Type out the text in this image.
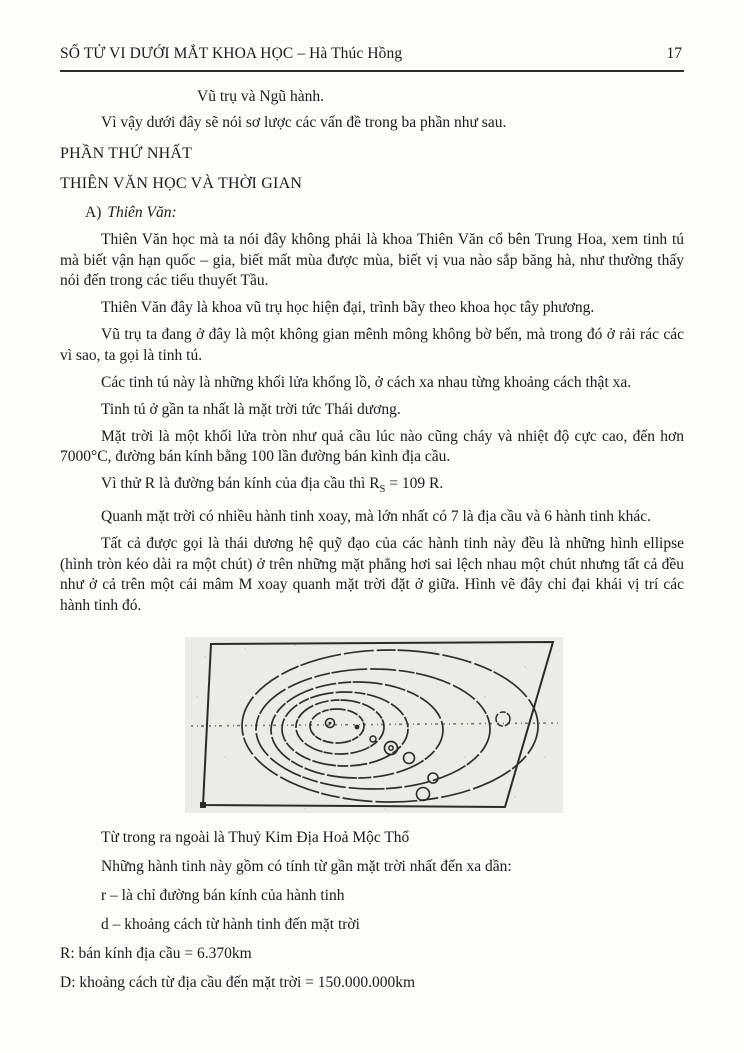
SỐ TỬ VI DƯỚI MẮT KHOA HỌC – Hà Thúc Hồng	17

Vũ trụ và Ngũ hành.

Vì vậy dưới đây sẽ nói sơ lược các vấn đề trong ba phần như sau.

PHẦN THỨ NHẤT
THIÊN VĂN HỌC VÀ THỜI GIAN

A) Thiên Văn:

Thiên Văn học mà ta nói đây không phải là khoa Thiên Văn cổ bên Trung Hoa, xem tinh tú mà biết vận hạn quốc – gia, biết mất mùa được mùa, biết vị vua nào sắp băng hà, như thường thấy nói đến trong các tiểu thuyết Tầu.

Thiên Văn đây là khoa vũ trụ học hiện đại, trình bầy theo khoa học tây phương.

Vũ trụ ta đang ở đây là một không gian mênh mông không bờ bến, mà trong đó ở rải rác các vì sao, ta gọi là tinh tú.

Các tinh tú này là những khối lửa khổng lồ, ở cách xa nhau từng khoảng cách thật xa.

Tinh tú ở gần ta nhất là mặt trời tức Thái dương.

Mặt trời là một khối lửa tròn như quả cầu lúc nào cũng cháy và nhiệt độ cực cao, đến hơn 7000°C, đường bán kính bằng 100 lần đường bán kình địa cầu.

Vì thử R là đường bán kính của địa cầu thì $R_S = 109$ R.

Quanh mặt trời có nhiều hành tinh xoay, mà lớn nhất có 7 là địa cầu và 6 hành tinh khác.

Tất cả được gọi là thái dương hệ quỹ đạo của các hành tinh này đều là những hình ellipse (hình tròn kéo dài ra một chút) ở trên những mặt phẳng hơi sai lệch nhau một chút nhưng tất cả đều như ở cả trên một cái mâm M xoay quanh mặt trời đặt ở giữa. Hình vẽ đây chỉ đại khái vị trí các hành tinh đó.

Từ trong ra ngoài là Thuỷ Kim Địa Hoả Mộc Thổ

Những hành tinh này gồm có tính từ gần mặt trời nhất đến xa dần:

r – là chỉ đường bán kính của hành tinh

d – khoảng cách từ hành tinh đến mặt trời

R: bán kính địa cầu = 6.370km

D: khoảng cách từ địa cầu đến mặt trời = 150.000.000km
